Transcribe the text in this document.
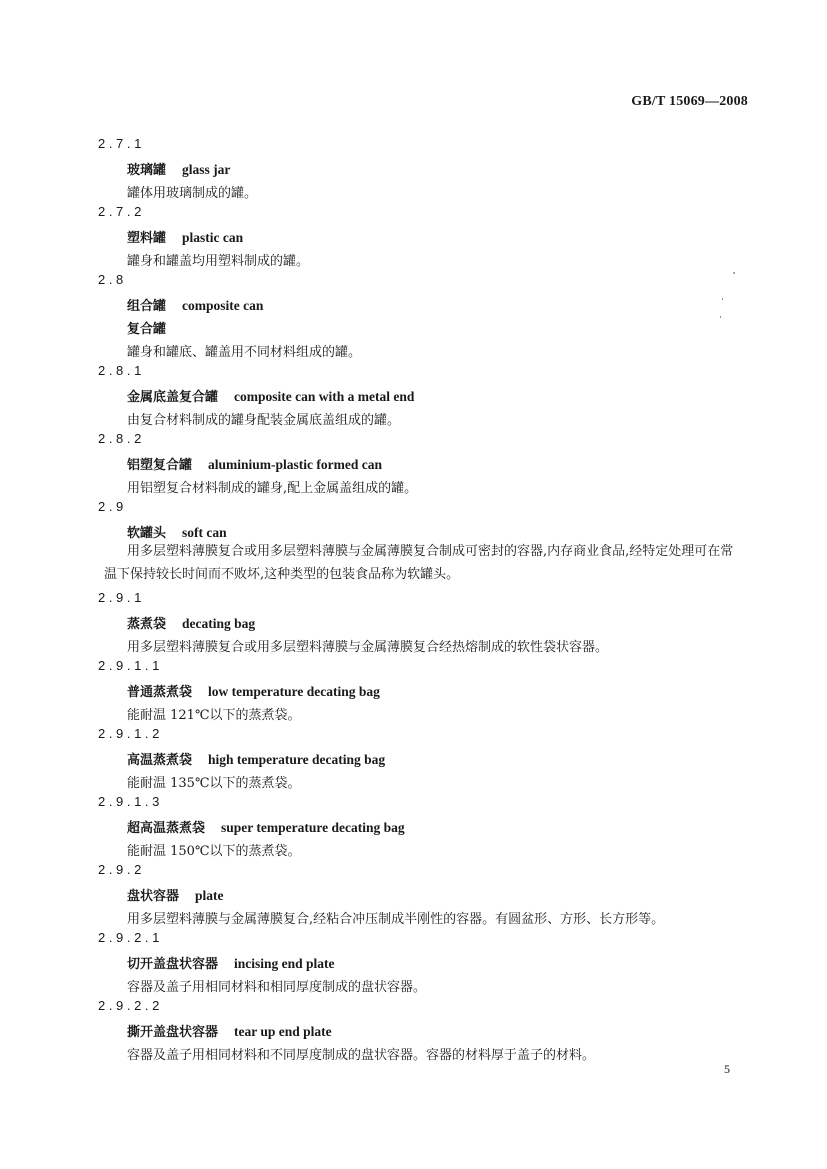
GB/T 15069—2008
2.7.1
玻璃罐 glass jar
罐体用玻璃制成的罐。
2.7.2
塑料罐 plastic can
罐身和罐盖均用塑料制成的罐。
2.8
组合罐 composite can
复合罐
罐身和罐底、罐盖用不同材料组成的罐。
2.8.1
金属底盖复合罐 composite can with a metal end
由复合材料制成的罐身配装金属底盖组成的罐。
2.8.2
铝塑复合罐 aluminium-plastic formed can
用铝塑复合材料制成的罐身,配上金属盖组成的罐。
2.9
软罐头 soft can
用多层塑料薄膜复合或用多层塑料薄膜与金属薄膜复合制成可密封的容器,内存商业食品,经特定处理可在常温下保持较长时间而不败坏,这种类型的包装食品称为软罐头。
2.9.1
蒸煮袋 decating bag
用多层塑料薄膜复合或用多层塑料薄膜与金属薄膜复合经热熔制成的软性袋状容器。
2.9.1.1
普通蒸煮袋 low temperature decating bag
能耐温 121℃以下的蒸煮袋。
2.9.1.2
高温蒸煮袋 high temperature decating bag
能耐温 135℃以下的蒸煮袋。
2.9.1.3
超高温蒸煮袋 super temperature decating bag
能耐温 150℃以下的蒸煮袋。
2.9.2
盘状容器 plate
用多层塑料薄膜与金属薄膜复合,经粘合冲压制成半刚性的容器。有圆盆形、方形、长方形等。
2.9.2.1
切开盖盘状容器 incising end plate
容器及盖子用相同材料和相同厚度制成的盘状容器。
2.9.2.2
撕开盖盘状容器 tear up end plate
容器及盖子用相同材料和不同厚度制成的盘状容器。容器的材料厚于盖子的材料。
5
